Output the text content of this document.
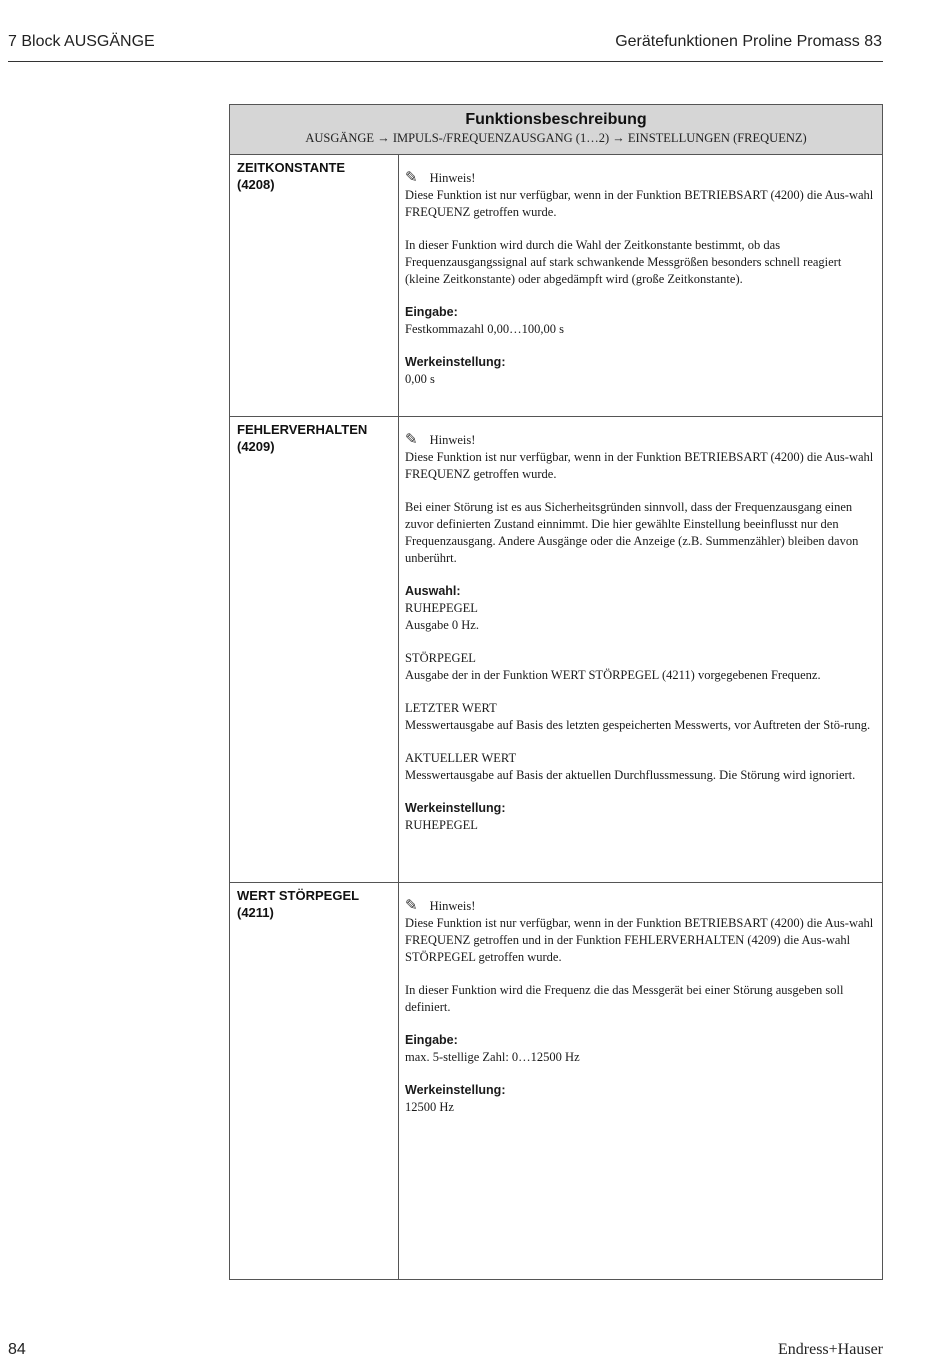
7 Block AUSGÄNGE	Gerätefunktionen Proline Promass 83
Funktionsbeschreibung
AUSGÄNGE → IMPULS-/FREQUENZAUSGANG (1…2) → EINSTELLUNGEN (FREQUENZ)
ZEITKONSTANTE
(4208)	✎ Hinweis!
Diese Funktion ist nur verfügbar, wenn in der Funktion BETRIEBSART (4200) die Aus-wahl FREQUENZ getroffen wurde.

In dieser Funktion wird durch die Wahl der Zeitkonstante bestimmt, ob das Frequenzausgangssignal auf stark schwankende Messgrößen besonders schnell reagiert (kleine Zeitkonstante) oder abgedämpft wird (große Zeitkonstante).

Eingabe:
Festkommazahl 0,00…100,00 s

Werkeinstellung:
0,00 s

FEHLERVERHALTEN
(4209)	✎ Hinweis!
Diese Funktion ist nur verfügbar, wenn in der Funktion BETRIEBSART (4200) die Aus-wahl FREQUENZ getroffen wurde.

Bei einer Störung ist es aus Sicherheitsgründen sinnvoll, dass der Frequenzausgang einen zuvor definierten Zustand einnimmt. Die hier gewählte Einstellung beeinflusst nur den Frequenzausgang. Andere Ausgänge oder die Anzeige (z.B. Summenzähler) bleiben davon unberührt.

Auswahl:
RUHEPEGEL
Ausgabe 0 Hz.

STÖRPEGEL
Ausgabe der in der Funktion WERT STÖRPEGEL (4211) vorgegebenen Frequenz.

LETZTER WERT
Messwertausgabe auf Basis des letzten gespeicherten Messwerts, vor Auftreten der Stö-rung.

AKTUELLER WERT
Messwertausgabe auf Basis der aktuellen Durchflussmessung. Die Störung wird ignoriert.

Werkeinstellung:
RUHEPEGEL

WERT STÖRPEGEL
(4211)	✎ Hinweis!
Diese Funktion ist nur verfügbar, wenn in der Funktion BETRIEBSART (4200) die Aus-wahl FREQUENZ getroffen und in der Funktion FEHLERVERHALTEN (4209) die Aus-wahl STÖRPEGEL getroffen wurde.

In dieser Funktion wird die Frequenz die das Messgerät bei einer Störung ausgeben soll definiert.

Eingabe:
max. 5-stellige Zahl: 0…12500 Hz

Werkeinstellung:
12500 Hz

84	Endress+Hauser
